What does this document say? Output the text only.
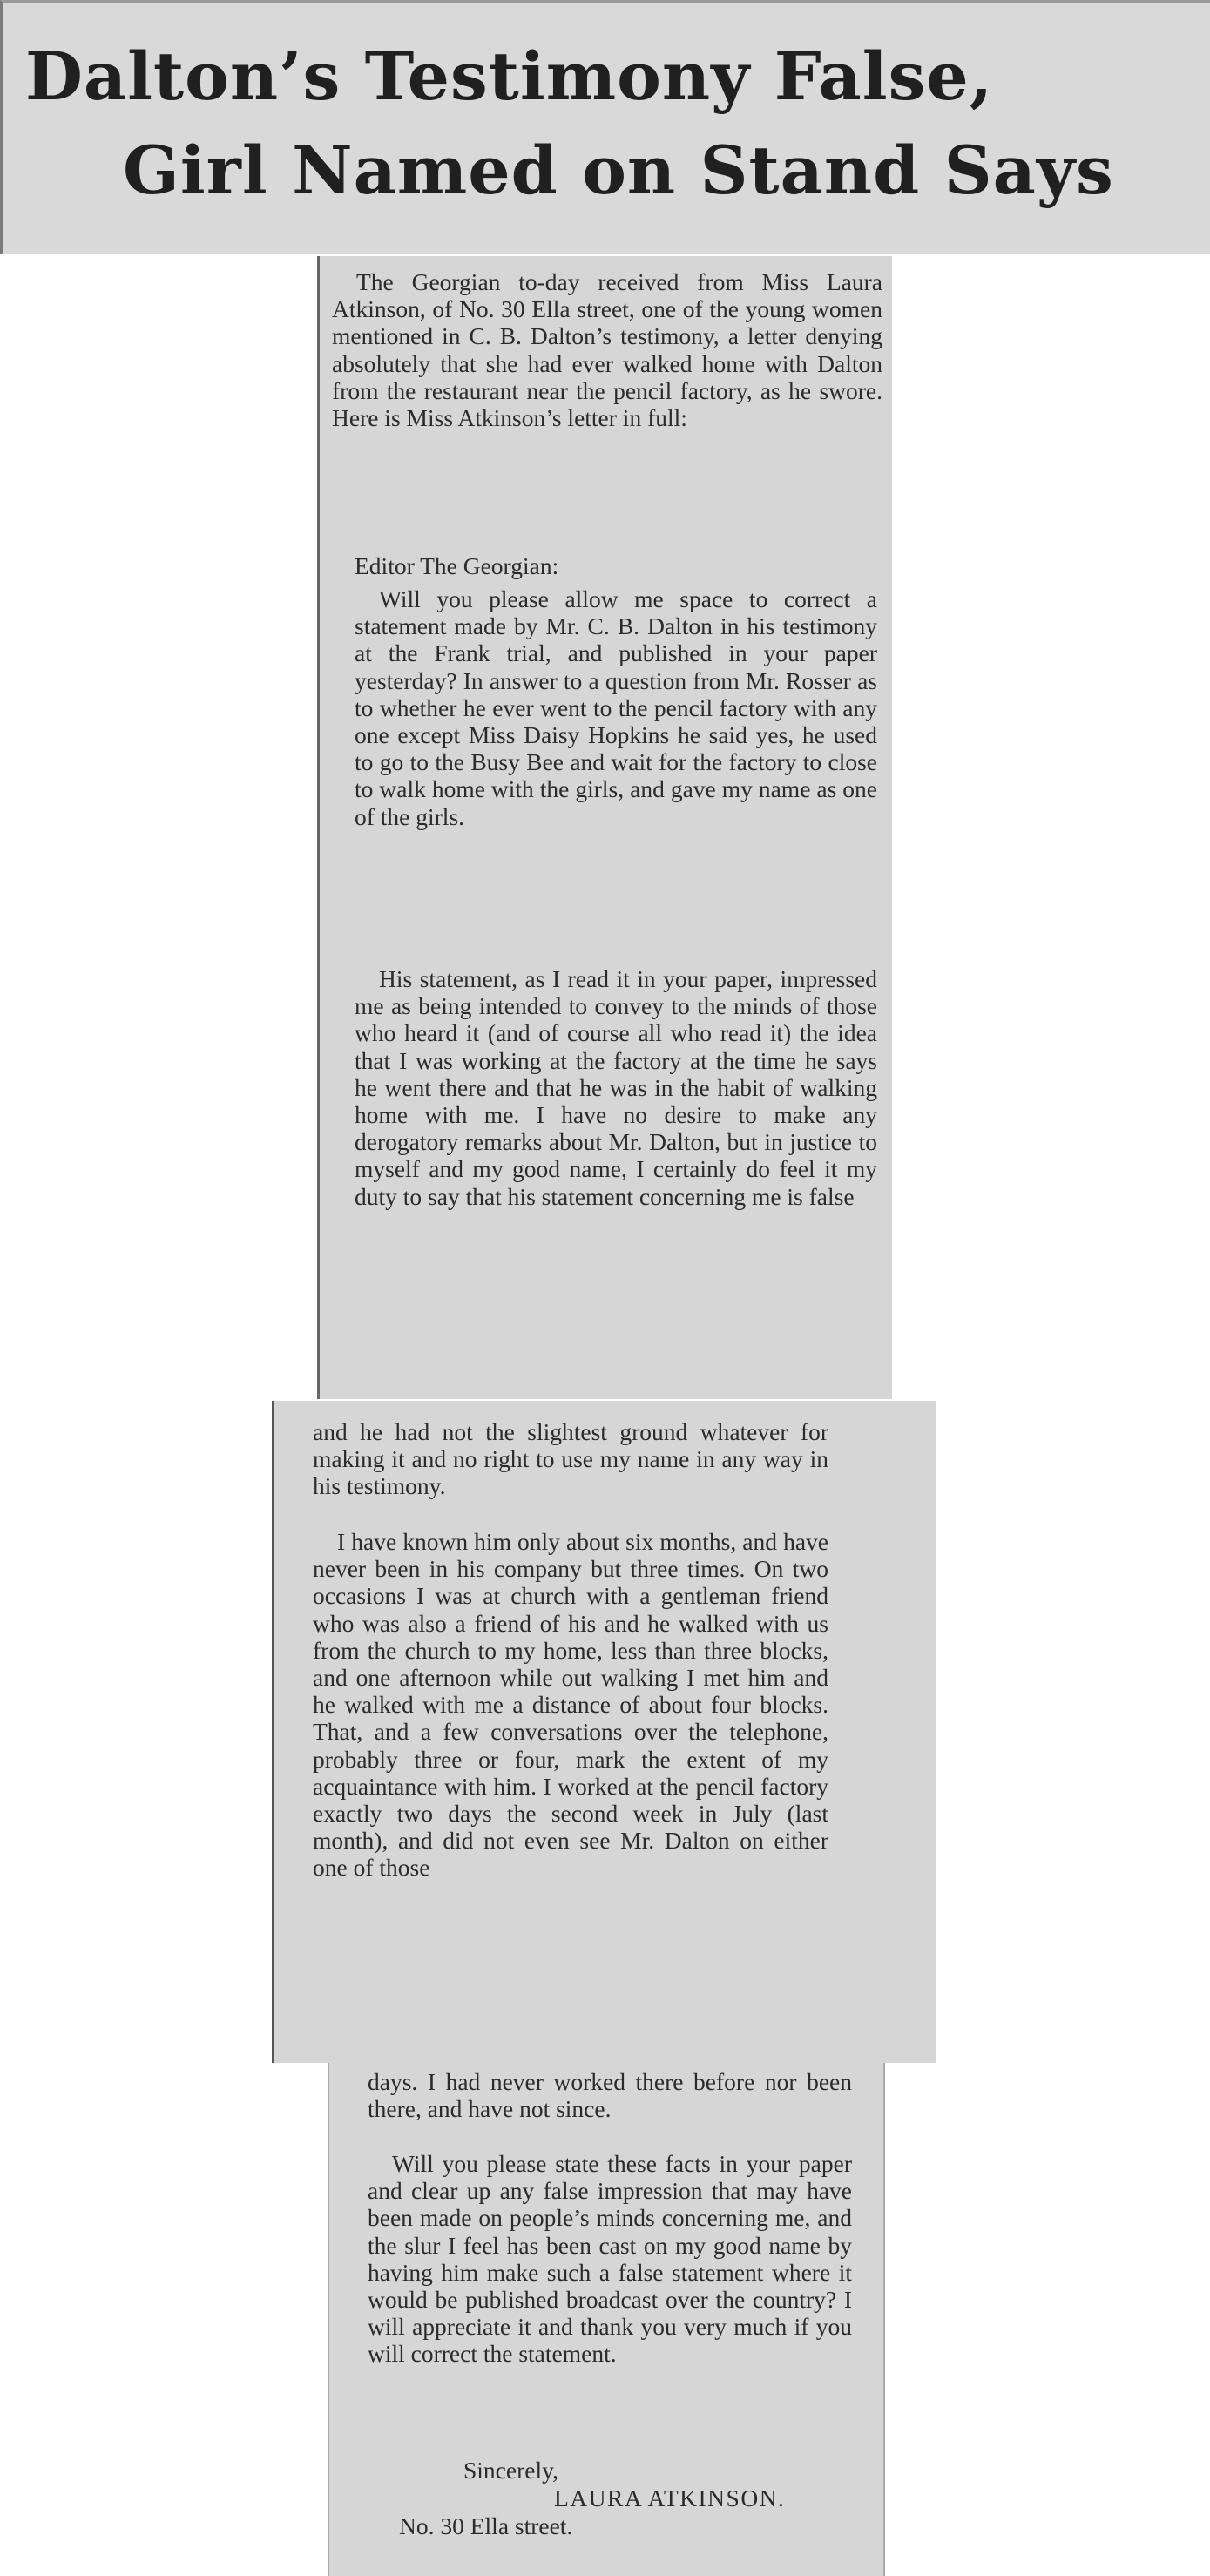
Dalton’s Testimony False,
Girl Named on Stand Says

The Georgian to-day received from Miss Laura Atkinson, of No. 30 Ella street, one of the young women mentioned in C. B. Dalton’s testimony, a letter denying absolutely that she had ever walked home with Dalton from the restaurant near the pencil factory, as he swore. Here is Miss Atkinson’s letter in full:

Editor The Georgian:

Will you please allow me space to correct a statement made by Mr. C. B. Dalton in his testimony at the Frank trial, and published in your paper yesterday? In answer to a question from Mr. Rosser as to whether he ever went to the pencil factory with any one except Miss Daisy Hopkins he said yes, he used to go to the Busy Bee and wait for the factory to close to walk home with the girls, and gave my name as one of the girls.

His statement, as I read it in your paper, impressed me as being intended to convey to the minds of those who heard it (and of course all who read it) the idea that I was working at the factory at the time he says he went there and that he was in the habit of walking home with me. I have no desire to make any derogatory remarks about Mr. Dalton, but in justice to myself and my good name, I certainly do feel it my duty to say that his statement concerning me is false

and he had not the slightest ground whatever for making it and no right to use my name in any way in his testimony.

I have known him only about six months, and have never been in his company but three times. On two occasions I was at church with a gentleman friend who was also a friend of his and he walked with us from the church to my home, less than three blocks, and one afternoon while out walking I met him and he walked with me a distance of about four blocks. That, and a few conversations over the telephone, probably three or four, mark the extent of my acquaintance with him. I worked at the pencil factory exactly two days the second week in July (last month), and did not even see Mr. Dalton on either one of those

days. I had never worked there before nor been there, and have not since.

Will you please state these facts in your paper and clear up any false impression that may have been made on people’s minds concerning me, and the slur I feel has been cast on my good name by having him make such a false statement where it would be published broadcast over the country? I will appreciate it and thank you very much if you will correct the statement.

Sincerely,

LAURA ATKINSON.

No. 30 Ella street.
